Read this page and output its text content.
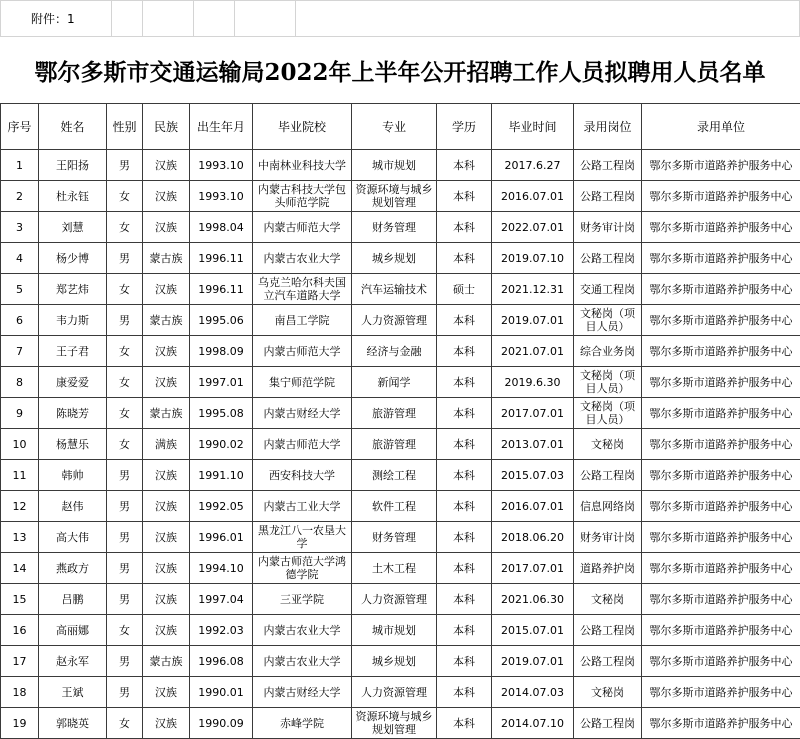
附件：1					
鄂尔多斯市交通运输局2022年上半年公开招聘工作人员拟聘用人员名单
序号	姓名	性别	民族	出生年月	毕业院校	专业	学历	毕业时间	录用岗位	录用单位
1	王阳扬	男	汉族	1993.10	中南林业科技大学	城市规划	本科	2017.6.27	公路工程岗	鄂尔多斯市道路养护服务中心
2	杜永钰	女	汉族	1993.10	内蒙古科技大学包头师范学院	资源环境与城乡规划管理	本科	2016.07.01	公路工程岗	鄂尔多斯市道路养护服务中心
3	刘慧	女	汉族	1998.04	内蒙古师范大学	财务管理	本科	2022.07.01	财务审计岗	鄂尔多斯市道路养护服务中心
4	杨少博	男	蒙古族	1996.11	内蒙古农业大学	城乡规划	本科	2019.07.10	公路工程岗	鄂尔多斯市道路养护服务中心
5	郑艺炜	女	汉族	1996.11	乌克兰哈尔科夫国立汽车道路大学	汽车运输技术	硕士	2021.12.31	交通工程岗	鄂尔多斯市道路养护服务中心
6	韦力斯	男	蒙古族	1995.06	南昌工学院	人力资源管理	本科	2019.07.01	文秘岗（项目人员）	鄂尔多斯市道路养护服务中心
7	王子君	女	汉族	1998.09	内蒙古师范大学	经济与金融	本科	2021.07.01	综合业务岗	鄂尔多斯市道路养护服务中心
8	康爱爱	女	汉族	1997.01	集宁师范学院	新闻学	本科	2019.6.30	文秘岗（项目人员）	鄂尔多斯市道路养护服务中心
9	陈晓芳	女	蒙古族	1995.08	内蒙古财经大学	旅游管理	本科	2017.07.01	文秘岗（项目人员）	鄂尔多斯市道路养护服务中心
10	杨慧乐	女	满族	1990.02	内蒙古师范大学	旅游管理	本科	2013.07.01	文秘岗	鄂尔多斯市道路养护服务中心
11	韩帅	男	汉族	1991.10	西安科技大学	测绘工程	本科	2015.07.03	公路工程岗	鄂尔多斯市道路养护服务中心
12	赵伟	男	汉族	1992.05	内蒙古工业大学	软件工程	本科	2016.07.01	信息网络岗	鄂尔多斯市道路养护服务中心
13	高大伟	男	汉族	1996.01	黑龙江八一农垦大学	财务管理	本科	2018.06.20	财务审计岗	鄂尔多斯市道路养护服务中心
14	燕政方	男	汉族	1994.10	内蒙古师范大学鸿德学院	土木工程	本科	2017.07.01	道路养护岗	鄂尔多斯市道路养护服务中心
15	吕鹏	男	汉族	1997.04	三亚学院	人力资源管理	本科	2021.06.30	文秘岗	鄂尔多斯市道路养护服务中心
16	高丽娜	女	汉族	1992.03	内蒙古农业大学	城市规划	本科	2015.07.01	公路工程岗	鄂尔多斯市道路养护服务中心
17	赵永军	男	蒙古族	1996.08	内蒙古农业大学	城乡规划	本科	2019.07.01	公路工程岗	鄂尔多斯市道路养护服务中心
18	王斌	男	汉族	1990.01	内蒙古财经大学	人力资源管理	本科	2014.07.03	文秘岗	鄂尔多斯市道路养护服务中心
19	郭晓英	女	汉族	1990.09	赤峰学院	资源环境与城乡规划管理	本科	2014.07.10	公路工程岗	鄂尔多斯市道路养护服务中心
